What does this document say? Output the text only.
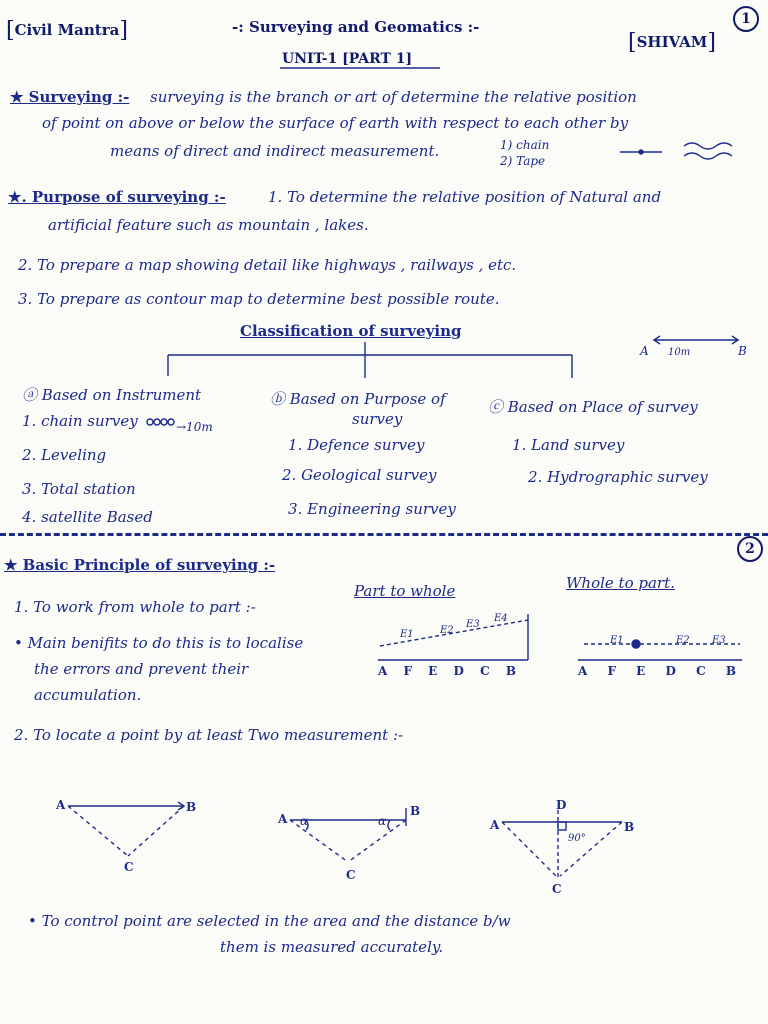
[Civil Mantra]	-: Surveying and Geomatics :-
UNIT-1 [PART 1]
[SHIVAM]
1
★ Surveying :- surveying is the branch or art of determine the relative position
of point on above or below the surface of earth with respect to each other by
means of direct and indirect measurement.	1) chain
2) Tape
★. Purpose of surveying :-	1. To determine the relative position of Natural and
artificial feature such as mountain , lakes.
2. To prepare a map showing detail like highways , railways , etc.
3. To prepare as contour map to determine best possible route.
Classification of surveying
A 10m	B
ⓐ Based on Instrument
1. chain survey	→10m
2. Leveling
3. Total station
4. satellite Based
ⓑ Based on Purpose of
survey
1. Defence survey
2. Geological survey
3. Engineering survey
ⓒ Based on Place of survey
1. Land survey
2. Hydrographic survey
2
★ Basic Principle of surveying :-
Part to whole	Whole to part.
1. To work from whole to part :-
• Main benifits to do this is to localise
the errors and prevent their
accumulation.
A F E D C B	A F E D C B
E1	E2
E3
E4
E1	E2 E3
2. To locate a point by at least Two measurement :-
A	B
C
A
B
C
α	α	A
D
B
C
90°
• To control point are selected in the area and the distance b/w
them is measured accurately.
